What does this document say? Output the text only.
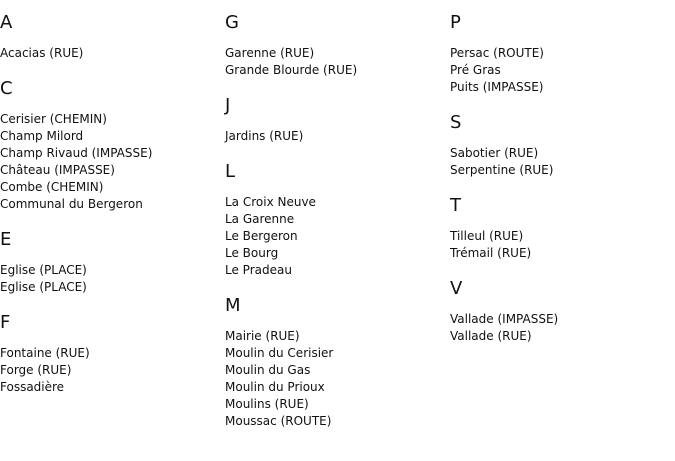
A
Acacias (RUE)
C
Cerisier (CHEMIN)
Champ Milord
Champ Rivaud (IMPASSE)
Château (IMPASSE)
Combe (CHEMIN)
Communal du Bergeron
E
Eglise (PLACE)
Eglise (PLACE)
F
Fontaine (RUE)
Forge (RUE)
Fossadière
G
Garenne (RUE)
Grande Blourde (RUE)
J
Jardins (RUE)
L
La Croix Neuve
La Garenne
Le Bergeron
Le Bourg
Le Pradeau
M
Mairie (RUE)
Moulin du Cerisier
Moulin du Gas
Moulin du Prioux
Moulins (RUE)
Moussac (ROUTE)
P
Persac (ROUTE)
Pré Gras
Puits (IMPASSE)
S
Sabotier (RUE)
Serpentine (RUE)
T
Tilleul (RUE)
Trémail (RUE)
V
Vallade (IMPASSE)
Vallade (RUE)
